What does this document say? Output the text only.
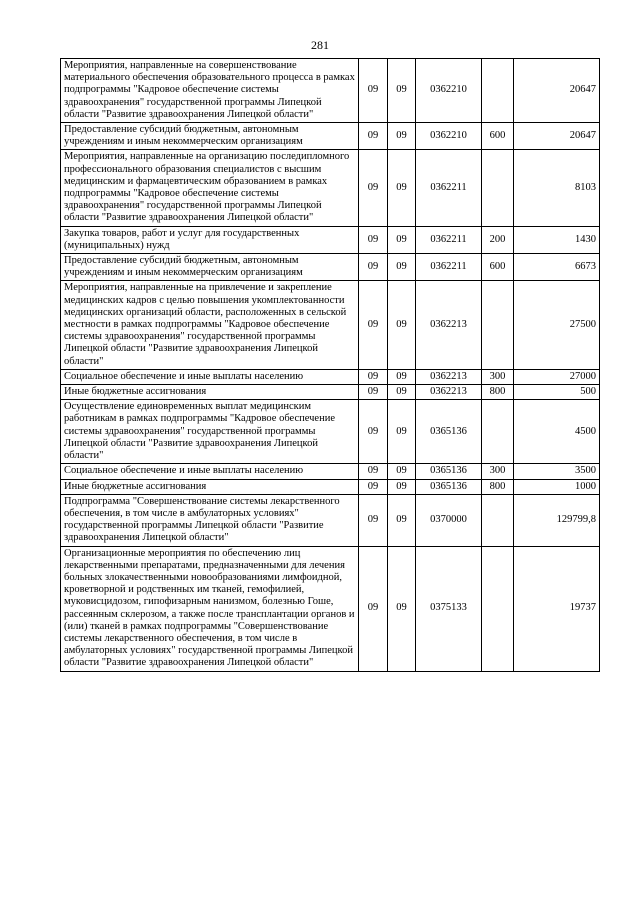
281
Мероприятия, направленные на совершенствование материального обеспечения образовательного процесса в рамках подпрограммы "Кадровое обеспечение системы здравоохранения" государственной программы Липецкой области "Развитие здравоохранения Липецкой области"	09	09	0362210		20647
Предоставление субсидий бюджетным, автономным учреждениям и иным некоммерческим организациям	09	09	0362210	600	20647
Мероприятия, направленные на организацию последипломного профессионального образования специалистов с высшим медицинским и фармацевтическим образованием в рамках подпрограммы "Кадровое обеспечение системы здравоохранения" государственной программы Липецкой области "Развитие здравоохранения Липецкой области"	09	09	0362211		8103
Закупка товаров, работ и услуг для государственных (муниципальных) нужд	09	09	0362211	200	1430
Предоставление субсидий бюджетным, автономным учреждениям и иным некоммерческим организациям	09	09	0362211	600	6673
Мероприятия, направленные на привлечение и закрепление медицинских кадров с целью повышения укомплектованности медицинских организаций области, расположенных в сельской местности в рамках подпрограммы "Кадровое обеспечение системы здравоохранения" государственной программы Липецкой области "Развитие здравоохранения Липецкой области"	09	09	0362213		27500
Социальное обеспечение и иные выплаты населению	09	09	0362213	300	27000
Иные бюджетные ассигнования	09	09	0362213	800	500
Осуществление единовременных выплат медицинским работникам в рамках подпрограммы "Кадровое обеспечение системы здравоохранения" государственной программы Липецкой области "Развитие здравоохранения Липецкой области"	09	09	0365136		4500
Социальное обеспечение и иные выплаты населению	09	09	0365136	300	3500
Иные бюджетные ассигнования	09	09	0365136	800	1000
Подпрограмма "Совершенствование системы лекарственного обеспечения, в том числе в амбулаторных условиях" государственной программы Липецкой области "Развитие здравоохранения Липецкой области"	09	09	0370000		129799,8
Организационные мероприятия по обеспечению лиц лекарственными препаратами, предназначенными для лечения больных злокачественными новообразованиями лимфоидной, кроветворной и родственных им тканей, гемофилией, муковисцидозом, гипофизарным нанизмом, болезнью Гоше, рассеянным склерозом, а также после трансплантации органов и (или) тканей в рамках подпрограммы "Совершенствование системы лекарственного обеспечения, в том числе в амбулаторных условиях" государственной программы Липецкой области "Развитие здравоохранения Липецкой области"	09	09	0375133		19737
